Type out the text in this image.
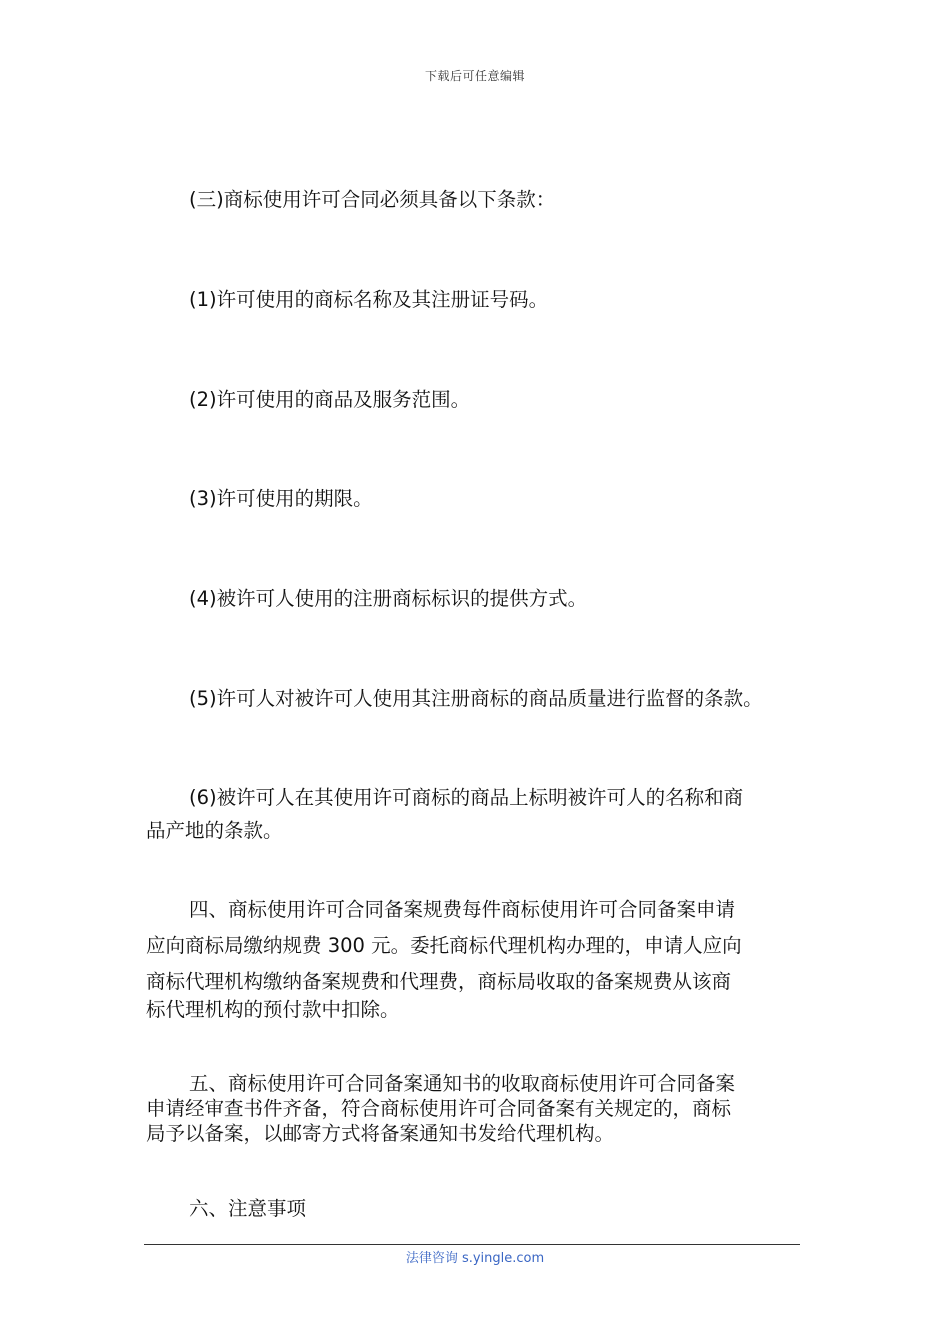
下载后可任意编辑

(三)商标使用许可合同必须具备以下条款：

(1)许可使用的商标名称及其注册证号码。

(2)许可使用的商品及服务范围。

(3)许可使用的期限。

(4)被许可人使用的注册商标标识的提供方式。

(5)许可人对被许可人使用其注册商标的商品质量进行监督的条款。

(6)被许可人在其使用许可商标的商品上标明被许可人的名称和商
品产地的条款。
四、商标使用许可合同备案规费每件商标使用许可合同备案申请
应向商标局缴纳规费 300 元。委托商标代理机构办理的，申请人应向
商标代理机构缴纳备案规费和代理费，商标局收取的备案规费从该商
标代理机构的预付款中扣除。
五、商标使用许可合同备案通知书的收取商标使用许可合同备案
申请经审查书件齐备，符合商标使用许可合同备案有关规定的，商标
局予以备案，以邮寄方式将备案通知书发给代理机构。

六、注意事项

法律咨询 s.yingle.com
